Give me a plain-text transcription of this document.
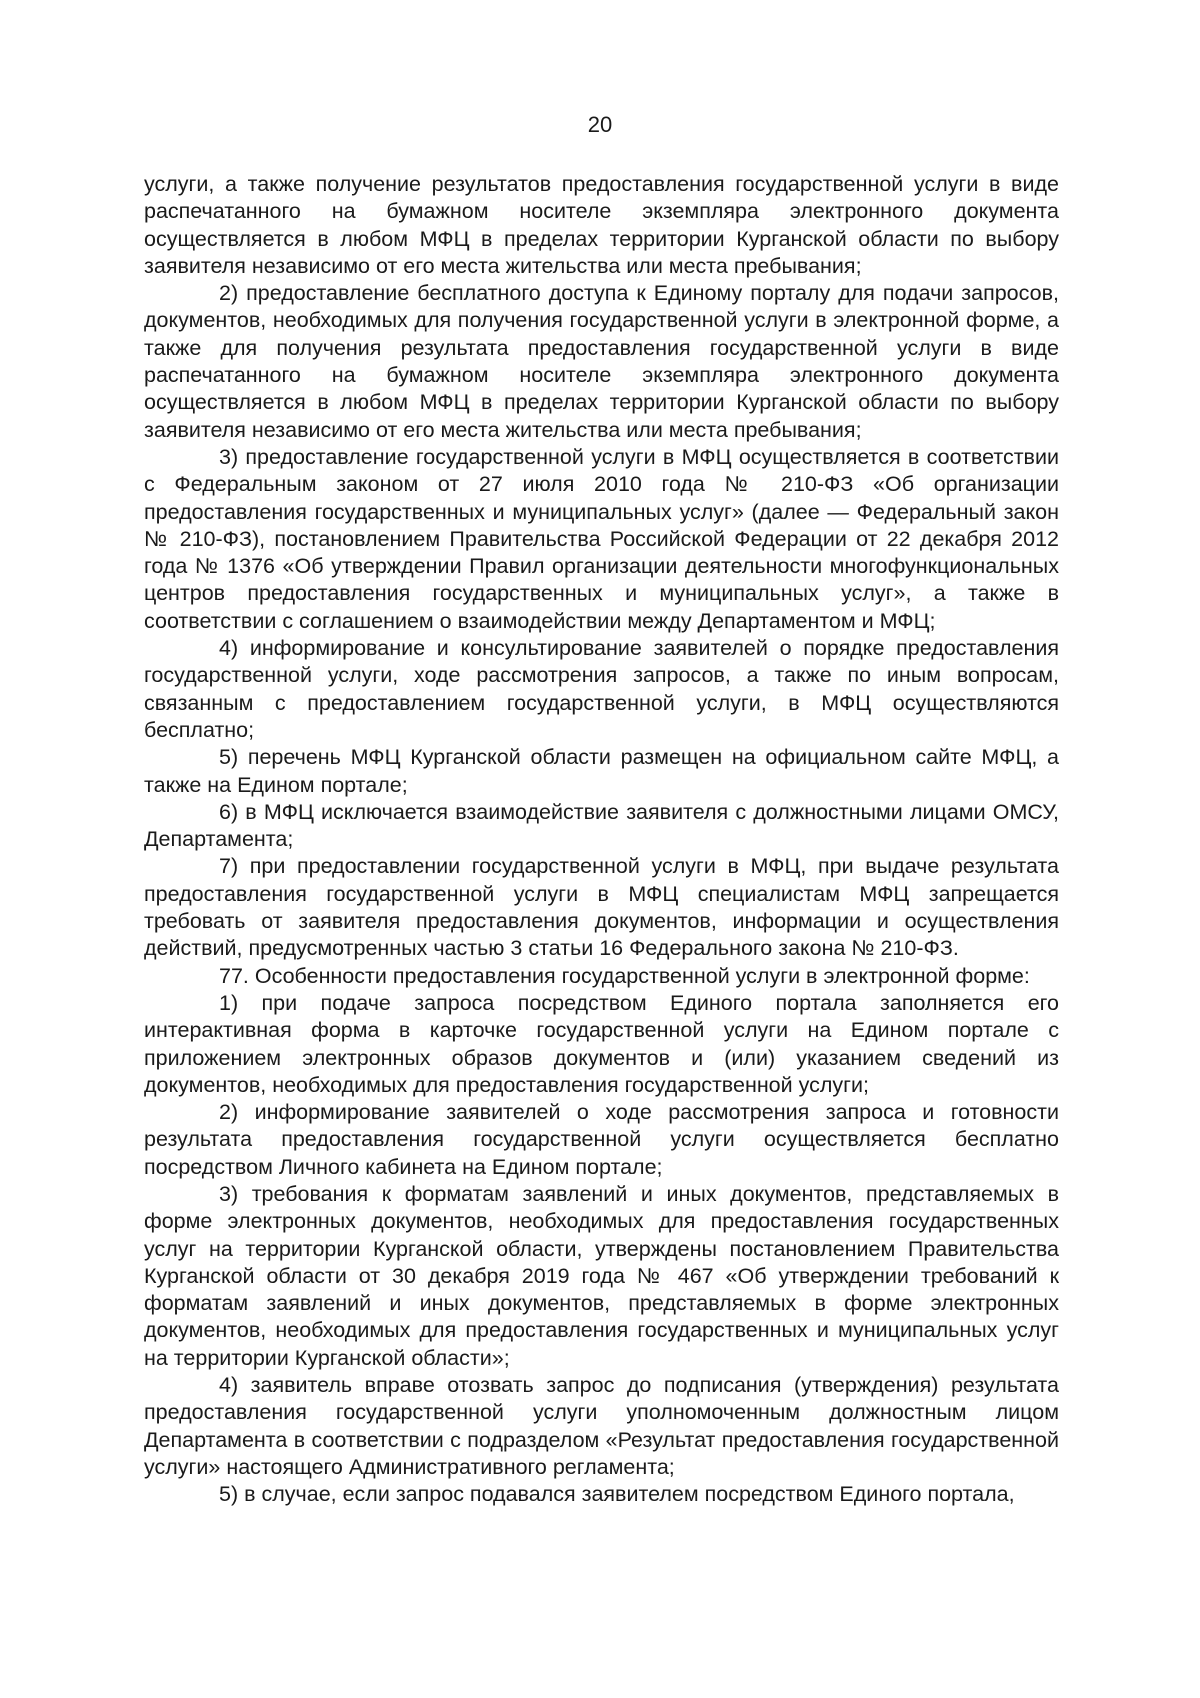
20

услуги, а также получение результатов предоставления государственной услуги в виде распечатанного на бумажном носителе экземпляра электронного документа осуществляется в любом МФЦ в пределах территории Курганской области по выбору заявителя независимо от его места жительства или места пребывания;

2) предоставление бесплатного доступа к Единому порталу для подачи запросов, документов, необходимых для получения государственной услуги в электронной форме, а также для получения результата предоставления государственной услуги в виде распечатанного на бумажном носителе экземпляра электронного документа осуществляется в любом МФЦ в пределах территории Курганской области по выбору заявителя независимо от его места жительства или места пребывания;

3) предоставление государственной услуги в МФЦ осуществляется в соответствии с Федеральным законом от 27 июля 2010 года № 210-ФЗ «Об организации предоставления государственных и муниципальных услуг» (далее — Федеральный закон № 210-ФЗ), постановлением Правительства Российской Федерации от 22 декабря 2012 года № 1376 «Об утверждении Правил организации деятельности многофункциональных центров предоставления государственных и муниципальных услуг», а также в соответствии с соглашением о взаимодействии между Департаментом и МФЦ;

4) информирование и консультирование заявителей о порядке предоставления государственной услуги, ходе рассмотрения запросов, а также по иным вопросам, связанным с предоставлением государственной услуги, в МФЦ осуществляются бесплатно;

5) перечень МФЦ Курганской области размещен на официальном сайте МФЦ, а также на Едином портале;

6) в МФЦ исключается взаимодействие заявителя с должностными лицами ОМСУ, Департамента;

7) при предоставлении государственной услуги в МФЦ, при выдаче результата предоставления государственной услуги в МФЦ специалистам МФЦ запрещается требовать от заявителя предоставления документов, информации и осуществления действий, предусмотренных частью 3 статьи 16 Федерального закона № 210-ФЗ.

77. Особенности предоставления государственной услуги в электронной форме:

1) при подаче запроса посредством Единого портала заполняется его интерактивная форма в карточке государственной услуги на Едином портале с приложением электронных образов документов и (или) указанием сведений из документов, необходимых для предоставления государственной услуги;

2) информирование заявителей о ходе рассмотрения запроса и готовности результата предоставления государственной услуги осуществляется бесплатно посредством Личного кабинета на Едином портале;

3) требования к форматам заявлений и иных документов, представляемых в форме электронных документов, необходимых для предоставления государственных услуг на территории Курганской области, утверждены постановлением Правительства Курганской области от 30 декабря 2019 года № 467 «Об утверждении требований к форматам заявлений и иных документов, представляемых в форме электронных документов, необходимых для предоставления государственных и муниципальных услуг на территории Курганской области»;

4) заявитель вправе отозвать запрос до подписания (утверждения) результата предоставления государственной услуги уполномоченным должностным лицом Департамента в соответствии с подразделом «Результат предоставления государственной услуги» настоящего Административного регламента;

5) в случае, если запрос подавался заявителем посредством Единого портала,
